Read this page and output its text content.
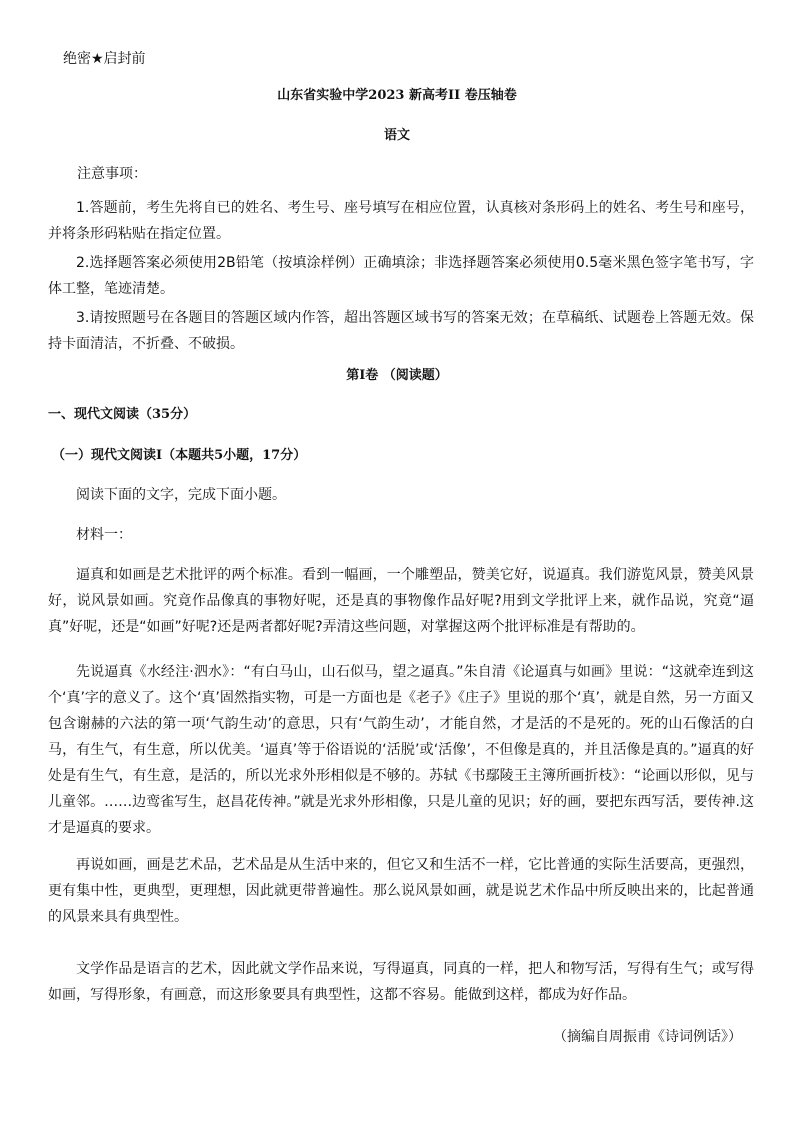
绝密★启封前
山东省实验中学2023 新高考II 卷压轴卷
语文
注意事项：

1.答题前，考生先将自已的姓名、考生号、座号填写在相应位置，认真核对条形码上的姓名、考生号和座号，并将条形码粘贴在指定位置。

2.选择题答案必须使用2B铅笔（按填涂样例）正确填涂；非选择题答案必须使用0.5毫米黑色签字笔书写，字体工整，笔迹清楚。

3.请按照题号在各题目的答题区域内作答，超出答题区域书写的答案无效；在草稿纸、试题卷上答题无效。保持卡面清洁，不折叠、不破损。

第Ⅰ卷 （阅读题）
一、现代文阅读（35分）
（一）现代文阅读Ⅰ（本题共5小题，17分）
阅读下面的文字，完成下面小题。
材料一：

逼真和如画是艺术批评的两个标准。看到一幅画，一个雕塑品，赞美它好，说逼真。我们游览风景，赞美风景好，说风景如画。究竟作品像真的事物好呢，还是真的事物像作品好呢?用到文学批评上来，就作品说，究竟“逼真”好呢，还是“如画”好呢?还是两者都好呢?弄清这些问题，对掌握这两个批评标准是有帮助的。

先说逼真《水经注·泗水》：“有白马山，山石似马，望之逼真。”朱自清《论逼真与如画》里说：“这就牵连到这个‘真’字的意义了。这个‘真’固然指实物，可是一方面也是《老子》《庄子》里说的那个‘真’，就是自然，另一方面又包含谢赫的六法的第一项‘气韵生动’的意思，只有‘气韵生动’，才能自然，才是活的不是死的。死的山石像活的白马，有生气，有生意，所以优美。‘逼真’等于俗语说的‘活脱’或‘活像’，不但像是真的，并且活像是真的。”逼真的好处是有生气，有生意，是活的，所以光求外形相似是不够的。苏轼《书鄢陵王主簿所画折枝》：“论画以形似，见与儿童邻。……边鸾雀写生，赵昌花传神。”就是光求外形相像，只是儿童的见识；好的画，要把东西写活，要传神.这才是逼真的要求。

再说如画，画是艺术品，艺术品是从生活中来的，但它又和生活不一样，它比普通的实际生活要高，更强烈，更有集中性，更典型，更理想，因此就更带普遍性。那么说风景如画，就是说艺术作品中所反映出来的，比起普通的风景来具有典型性。

文学作品是语言的艺术，因此就文学作品来说，写得逼真，同真的一样，把人和物写活，写得有生气；或写得如画，写得形象，有画意，而这形象要具有典型性，这都不容易。能做到这样，都成为好作品。

（摘编自周振甫《诗词例话》）
